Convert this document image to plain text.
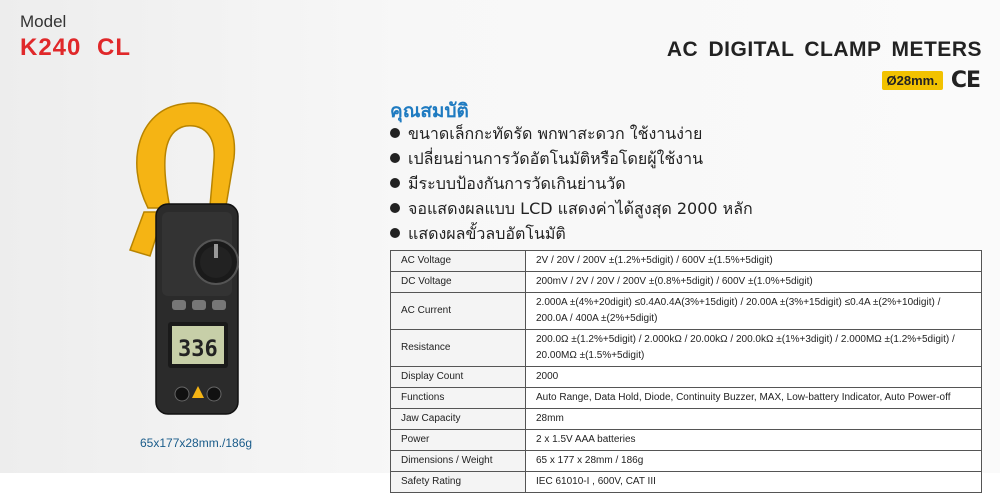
Model
K240 CL	AC DIGITAL CLAMP METERS
Ø28mm. CE
336
65x177x28mm./186g
คุณสมบัติ
ขนาดเล็กกะทัดรัด พกพาสะดวก ใช้งานง่าย
เปลี่ยนย่านการวัดอัตโนมัติหรือโดยผู้ใช้งาน
มีระบบป้องกันการวัดเกินย่านวัด
จอแสดงผลแบบ LCD แสดงค่าได้สูงสุด 2000 หลัก
แสดงผลขั้วลบอัตโนมัติ
AC Voltage	2V / 20V / 200V ±(1.2%+5digit) / 600V ±(1.5%+5digit)
DC Voltage	200mV / 2V / 20V / 200V ±(0.8%+5digit) / 600V ±(1.0%+5digit)
AC Current	2.000A ±(4%+20digit) ≤0.4A0.4A(3%+15digit) / 20.00A ±(3%+15digit) ≤0.4A ±(2%+10digit) / 200.0A / 400A ±(2%+5digit)
Resistance	200.0Ω ±(1.2%+5digit) / 2.000kΩ / 20.00kΩ / 200.0kΩ ±(1%+3digit) / 2.000MΩ ±(1.2%+5digit) / 20.00MΩ ±(1.5%+5digit)
Display Count	2000
Functions	Auto Range, Data Hold, Diode, Continuity Buzzer, MAX, Low-battery Indicator, Auto Power-off
Jaw Capacity	28mm
Power	2 x 1.5V AAA batteries
Dimensions / Weight	65 x 177 x 28mm / 186g
Safety Rating	IEC 61010-I , 600V, CAT III
